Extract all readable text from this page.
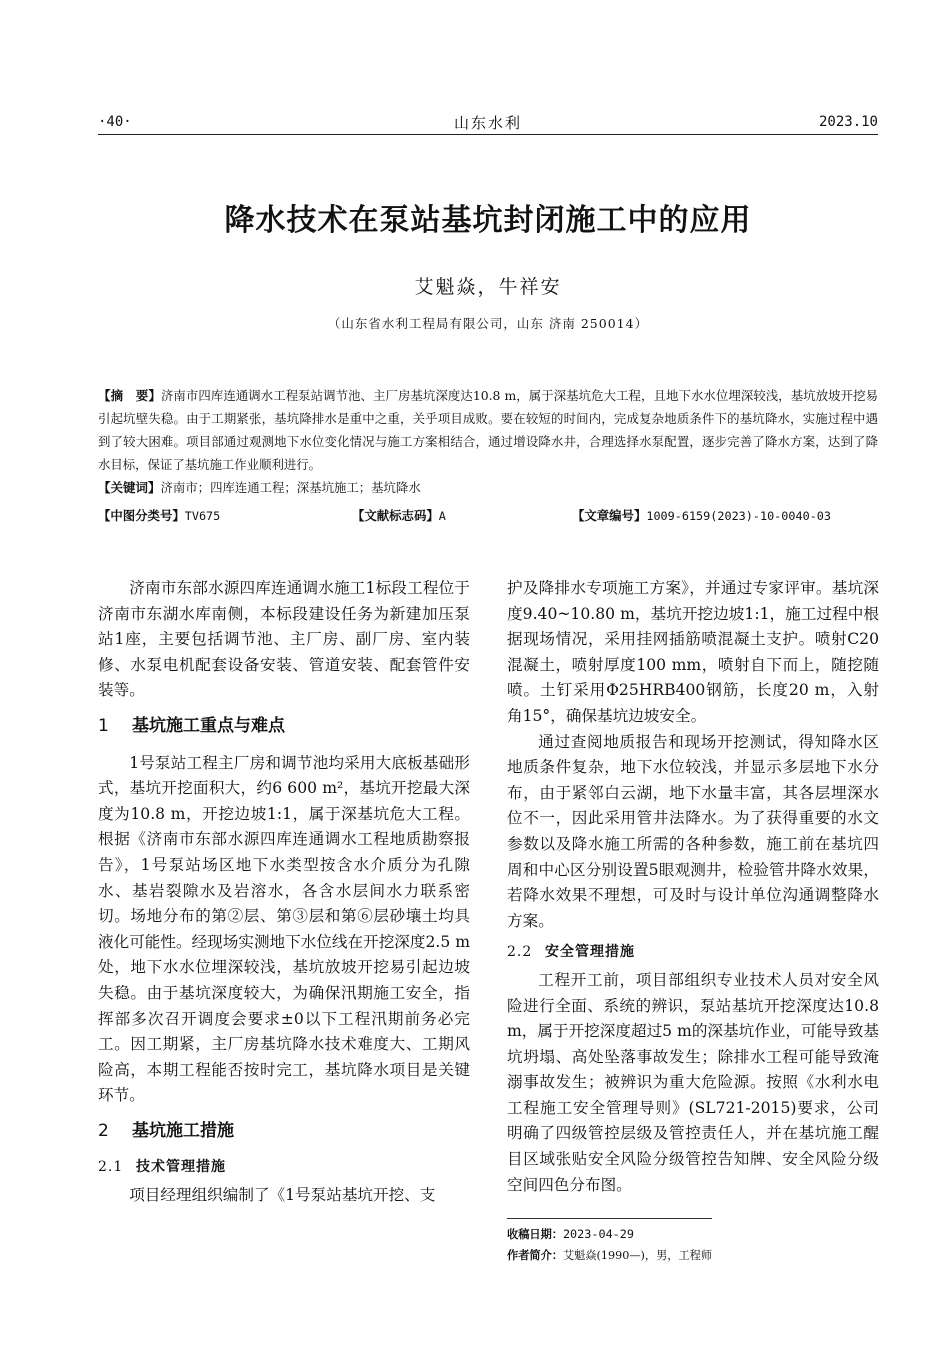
·40·	山东水利	2023.10
降水技术在泵站基坑封闭施工中的应用
艾魁焱，牛祥安
（山东省水利工程局有限公司，山东 济南 250014）
【摘　要】济南市四库连通调水工程泵站调节池、主厂房基坑深度达10.8 m，属于深基坑危大工程，且地下水水位埋深较浅，基坑放坡开挖易引起坑壁失稳。由于工期紧张，基坑降排水是重中之重，关乎项目成败。要在较短的时间内，完成复杂地质条件下的基坑降水，实施过程中遇到了较大困难。项目部通过观测地下水位变化情况与施工方案相结合，通过增设降水井，合理选择水泵配置，逐步完善了降水方案，达到了降水目标，保证了基坑施工作业顺利进行。
【关键词】济南市；四库连通工程；深基坑施工；基坑降水
【中图分类号】TV675	【文献标志码】A	【文章编号】1009-6159(2023)-10-0040-03

济南市东部水源四库连通调水施工1标段工程位于济南市东湖水库南侧，本标段建设任务为新建加压泵站1座，主要包括调节池、主厂房、副厂房、室内装修、水泵电机配套设备安装、管道安装、配套管件安装等。

1 基坑施工重点与难点

1号泵站工程主厂房和调节池均采用大底板基础形式，基坑开挖面积大，约6 600 m²，基坑开挖最大深度为10.8 m，开挖边坡1:1，属于深基坑危大工程。根据《济南市东部水源四库连通调水工程地质勘察报告》，1号泵站场区地下水类型按含水介质分为孔隙水、基岩裂隙水及岩溶水，各含水层间水力联系密切。场地分布的第②层、第③层和第⑥层砂壤土均具液化可能性。经现场实测地下水位线在开挖深度2.5 m处，地下水水位埋深较浅，基坑放坡开挖易引起边坡失稳。由于基坑深度较大，为确保汛期施工安全，指挥部多次召开调度会要求±0以下工程汛期前务必完工。因工期紧，主厂房基坑降水技术难度大、工期风险高，本期工程能否按时完工，基坑降水项目是关键环节。

2 基坑施工措施
2.1 技术管理措施

项目经理组织编制了《1号泵站基坑开挖、支

护及降排水专项施工方案》，并通过专家评审。基坑深度9.40~10.80 m，基坑开挖边坡1:1，施工过程中根据现场情况，采用挂网插筋喷混凝土支护。喷射C20混凝土，喷射厚度100 mm，喷射自下而上，随挖随喷。土钉采用Φ25HRB400钢筋，长度20 m，入射角15°，确保基坑边坡安全。

通过查阅地质报告和现场开挖测试，得知降水区地质条件复杂，地下水位较浅，并显示多层地下水分布，由于紧邻白云湖，地下水量丰富，其各层埋深水位不一，因此采用管井法降水。为了获得重要的水文参数以及降水施工所需的各种参数，施工前在基坑四周和中心区分别设置5眼观测井，检验管井降水效果，若降水效果不理想，可及时与设计单位沟通调整降水方案。

2.2 安全管理措施

工程开工前，项目部组织专业技术人员对安全风险进行全面、系统的辨识，泵站基坑开挖深度达10.8 m，属于开挖深度超过5 m的深基坑作业，可能导致基坑坍塌、高处坠落事故发生；除排水工程可能导致淹溺事故发生；被辨识为重大危险源。按照《水利水电工程施工安全管理导则》(SL721-2015)要求，公司明确了四级管控层级及管控责任人，并在基坑施工醒目区域张贴安全风险分级管控告知牌、安全风险分级空间四色分布图。

收稿日期：2023-04-29
作者简介：艾魁焱(1990—)，男，工程师
